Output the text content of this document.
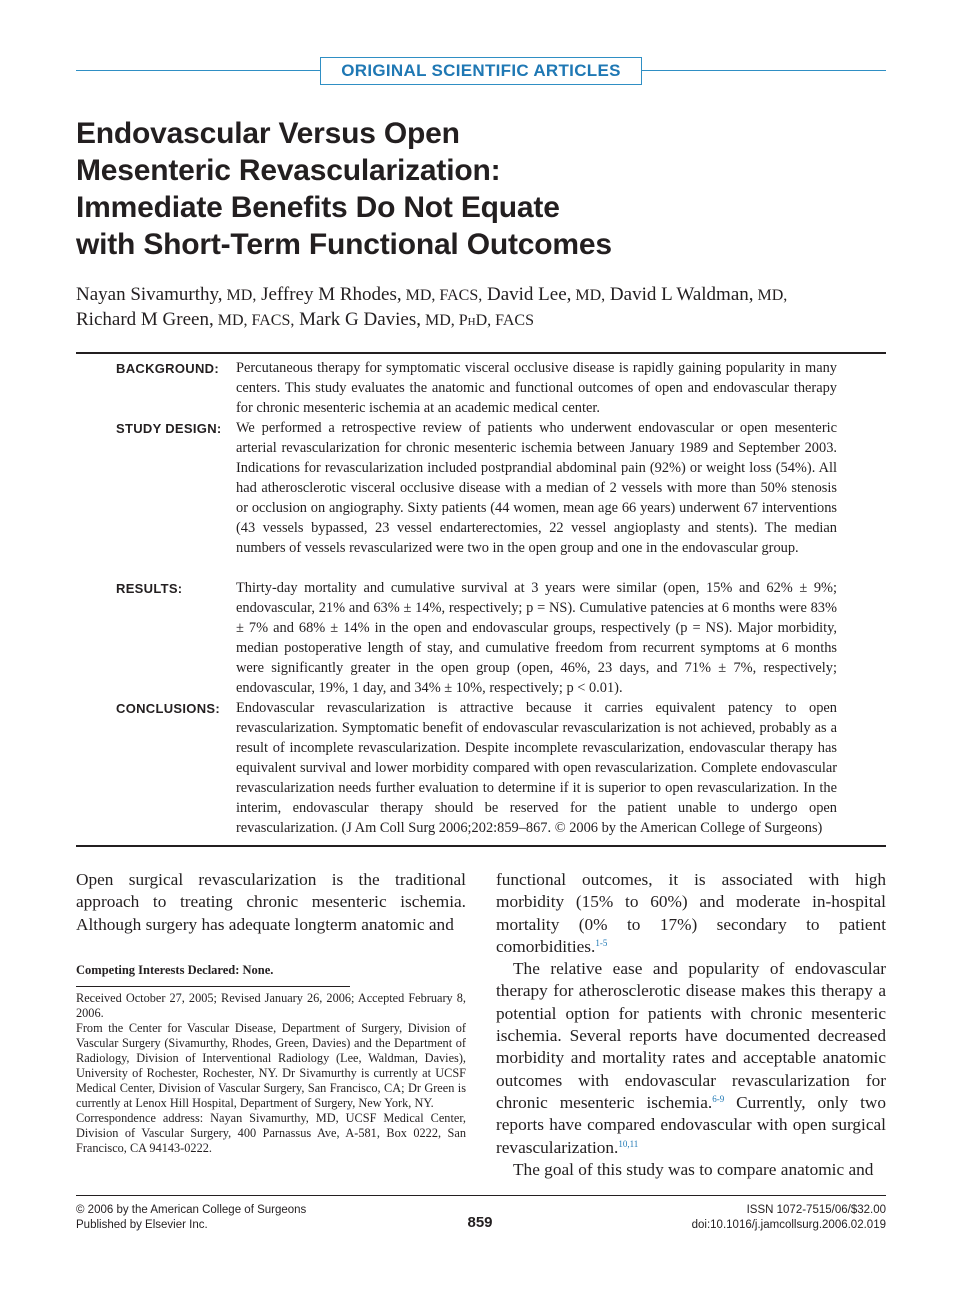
ORIGINAL SCIENTIFIC ARTICLES
Endovascular Versus Open
Mesenteric Revascularization:
Immediate Benefits Do Not Equate
with Short-Term Functional Outcomes
Nayan Sivamurthy, MD, Jeffrey M Rhodes, MD, FACS, David Lee, MD, David L Waldman, MD,
Richard M Green, MD, FACS, Mark G Davies, MD, PhD, FACS
BACKGROUND: Percutaneous therapy for symptomatic visceral occlusive disease is rapidly gaining popularity in many centers. This study evaluates the anatomic and functional outcomes of open and endovascular therapy for chronic mesenteric ischemia at an academic medical center.
STUDY DESIGN: We performed a retrospective review of patients who underwent endovascular or open mesenteric arterial revascularization for chronic mesenteric ischemia between January 1989 and September 2003. Indications for revascularization included postprandial abdominal pain (92%) or weight loss (54%). All had atherosclerotic visceral occlusive disease with a median of 2 vessels with more than 50% stenosis or occlusion on angiography. Sixty patients (44 women, mean age 66 years) underwent 67 interventions (43 vessels bypassed, 23 vessel endarterectomies, 22 vessel angioplasty and stents). The median numbers of vessels revascularized were two in the open group and one in the endovascular group.
RESULTS:	Thirty-day mortality and cumulative survival at 3 years were similar (open, 15% and 62% ± 9%; endovascular, 21% and 63% ± 14%, respectively; p = NS). Cumulative patencies at 6 months were 83% ± 7% and 68% ± 14% in the open and endovascular groups, respectively (p = NS). Major morbidity, median postoperative length of stay, and cumulative freedom from recurrent symptoms at 6 months were significantly greater in the open group (open, 46%, 23 days, and 71% ± 7%, respectively; endovascular, 19%, 1 day, and 34% ± 10%, respectively; p < 0.01).
CONCLUSIONS: Endovascular revascularization is attractive because it carries equivalent patency to open revascularization. Symptomatic benefit of endovascular revascularization is not achieved, probably as a result of incomplete revascularization. Despite incomplete revascularization, endovascular therapy has equivalent survival and lower morbidity compared with open revascularization. Complete endovascular revascularization needs further evaluation to determine if it is superior to open revascularization. In the interim, endovascular therapy should be reserved for the patient unable to undergo open revascularization. (J Am Coll Surg 2006;202:859–867. © 2006 by the American College of Surgeons)

Open surgical revascularization is the traditional approach to treating chronic mesenteric ischemia. Although surgery has adequate longterm anatomic and

Competing Interests Declared: None.

Received October 27, 2005; Revised January 26, 2006; Accepted February 8, 2006.

From the Center for Vascular Disease, Department of Surgery, Division of Vascular Surgery (Sivamurthy, Rhodes, Green, Davies) and the Department of Radiology, Division of Interventional Radiology (Lee, Waldman, Davies), University of Rochester, Rochester, NY. Dr Sivamurthy is currently at UCSF Medical Center, Division of Vascular Surgery, San Francisco, CA; Dr Green is currently at Lenox Hill Hospital, Department of Surgery, New York, NY.

Correspondence address: Nayan Sivamurthy, MD, UCSF Medical Center, Division of Vascular Surgery, 400 Parnassus Ave, A-581, Box 0222, San Francisco, CA 94143-0222.

functional outcomes, it is associated with high morbidity (15% to 60%) and moderate in-hospital mortality (0% to 17%) secondary to patient comorbidities.$^{1-5}$

The relative ease and popularity of endovascular therapy for atherosclerotic disease makes this therapy a potential option for patients with chronic mesenteric ischemia. Several reports have documented decreased morbidity and mortality rates and acceptable anatomic outcomes with endovascular revascularization for chronic mesenteric ischemia.$^{6-9}$ Currently, only two reports have compared endovascular with open surgical revascularization.$^{10,11}$

The goal of this study was to compare anatomic and

© 2006 by the American College of Surgeons
Published by Elsevier Inc.	859
ISSN 1072-7515/06/$32.00
doi:10.1016/j.jamcollsurg.2006.02.019
